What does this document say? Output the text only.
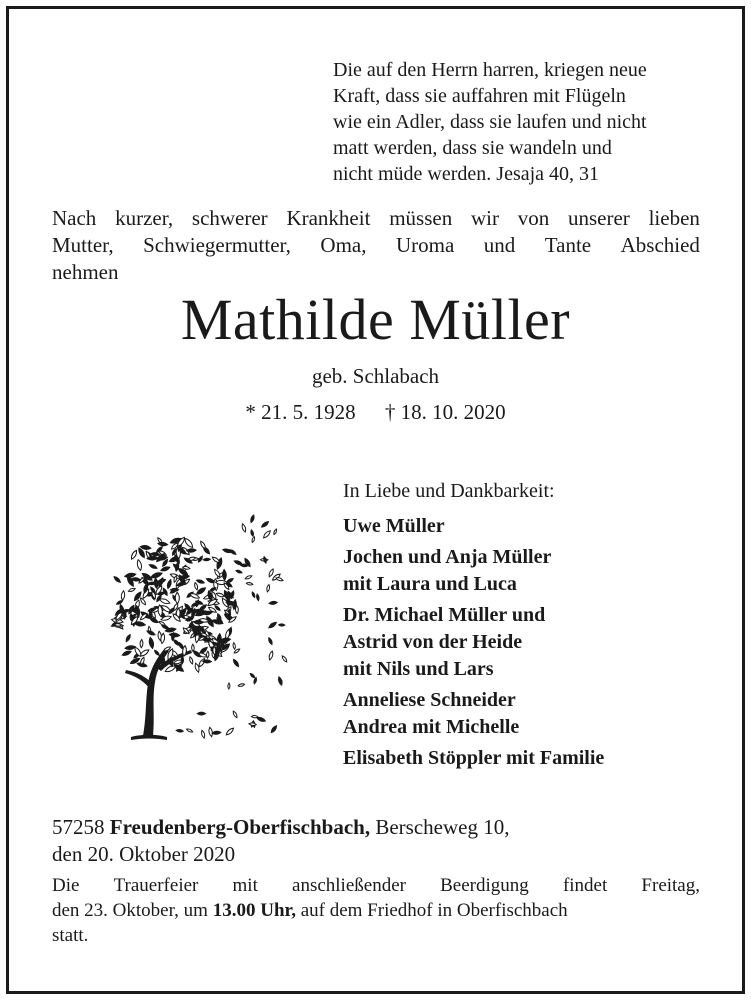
Die auf den Herrn harren, kriegen neue
Kraft, dass sie auffahren mit Flügeln
wie ein Adler, dass sie laufen und nicht
matt werden, dass sie wandeln und
nicht müde werden. Jesaja 40, 31
Nach kurzer, schwerer Krankheit müssen wir von unserer lieben
Mutter, Schwiegermutter, Oma, Uroma und Tante Abschied
nehmen
Mathilde Müller
geb. Schlabach
* 21. 5. 1928 † 18. 10. 2020
In Liebe und Dankbarkeit:
Uwe Müller
Jochen und Anja Müller
mit Laura und Luca
Dr. Michael Müller und
Astrid von der Heide
mit Nils und Lars
Anneliese Schneider
Andrea mit Michelle
Elisabeth Stöppler mit Familie
57258 Freudenberg-Oberfischbach, Berscheweg 10,
den 20. Oktober 2020
Die Trauerfeier mit anschließender Beerdigung findet Freitag,
den 23. Oktober, um 13.00 Uhr, auf dem Friedhof in Oberfischbach
statt.
